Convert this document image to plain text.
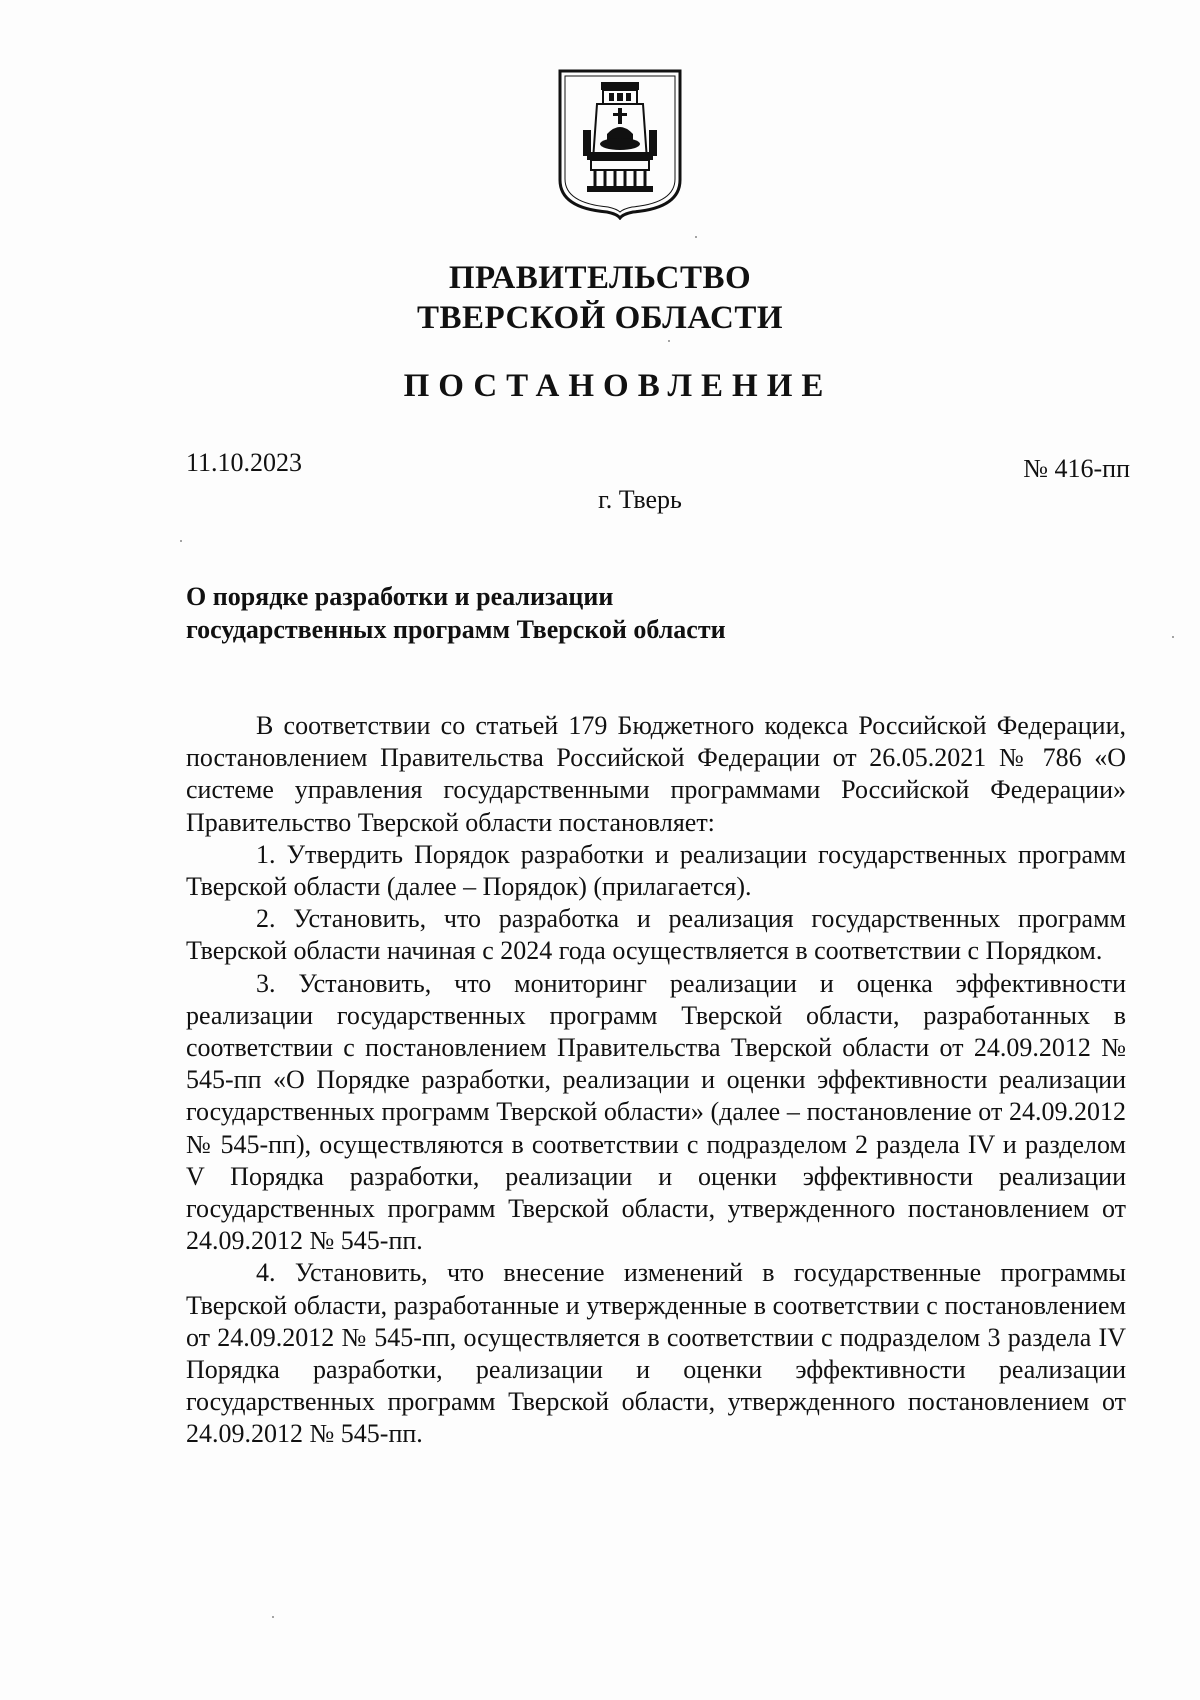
ПРАВИТЕЛЬСТВО
ТВЕРСКОЙ ОБЛАСТИ
ПОСТАНОВЛЕНИЕ
11.10.2023	№ 416-пп
г. Тверь
О порядке разработки и реализации
государственных программ Тверской области

В соответствии со статьей 179 Бюджетного кодекса Российской Федерации, постановлением Правительства Российской Федерации от 26.05.2021 № 786 «О системе управления государственными программами Российской Федерации» Правительство Тверской области постановляет:

1. Утвердить Порядок разработки и реализации государственных программ Тверской области (далее – Порядок) (прилагается).

2. Установить, что разработка и реализация государственных программ Тверской области начиная с 2024 года осуществляется в соответствии с Порядком.

3. Установить, что мониторинг реализации и оценка эффективности реализации государственных программ Тверской области, разработанных в соответствии с постановлением Правительства Тверской области от 24.09.2012 № 545-пп «О Порядке разработки, реализации и оценки эффективности реализации государственных программ Тверской области» (далее – постановление от 24.09.2012 № 545-пп), осуществляются в соответствии с подразделом 2 раздела IV и разделом V Порядка разработки, реализации и оценки эффективности реализации государственных программ Тверской области, утвержденного постановлением от 24.09.2012 № 545-пп.

4. Установить, что внесение изменений в государственные программы Тверской области, разработанные и утвержденные в соответствии с постановлением от 24.09.2012 № 545-пп, осуществляется в соответствии с подразделом 3 раздела IV Порядка разработки, реализации и оценки эффективности реализации государственных программ Тверской области, утвержденного постановлением от 24.09.2012 № 545-пп.
